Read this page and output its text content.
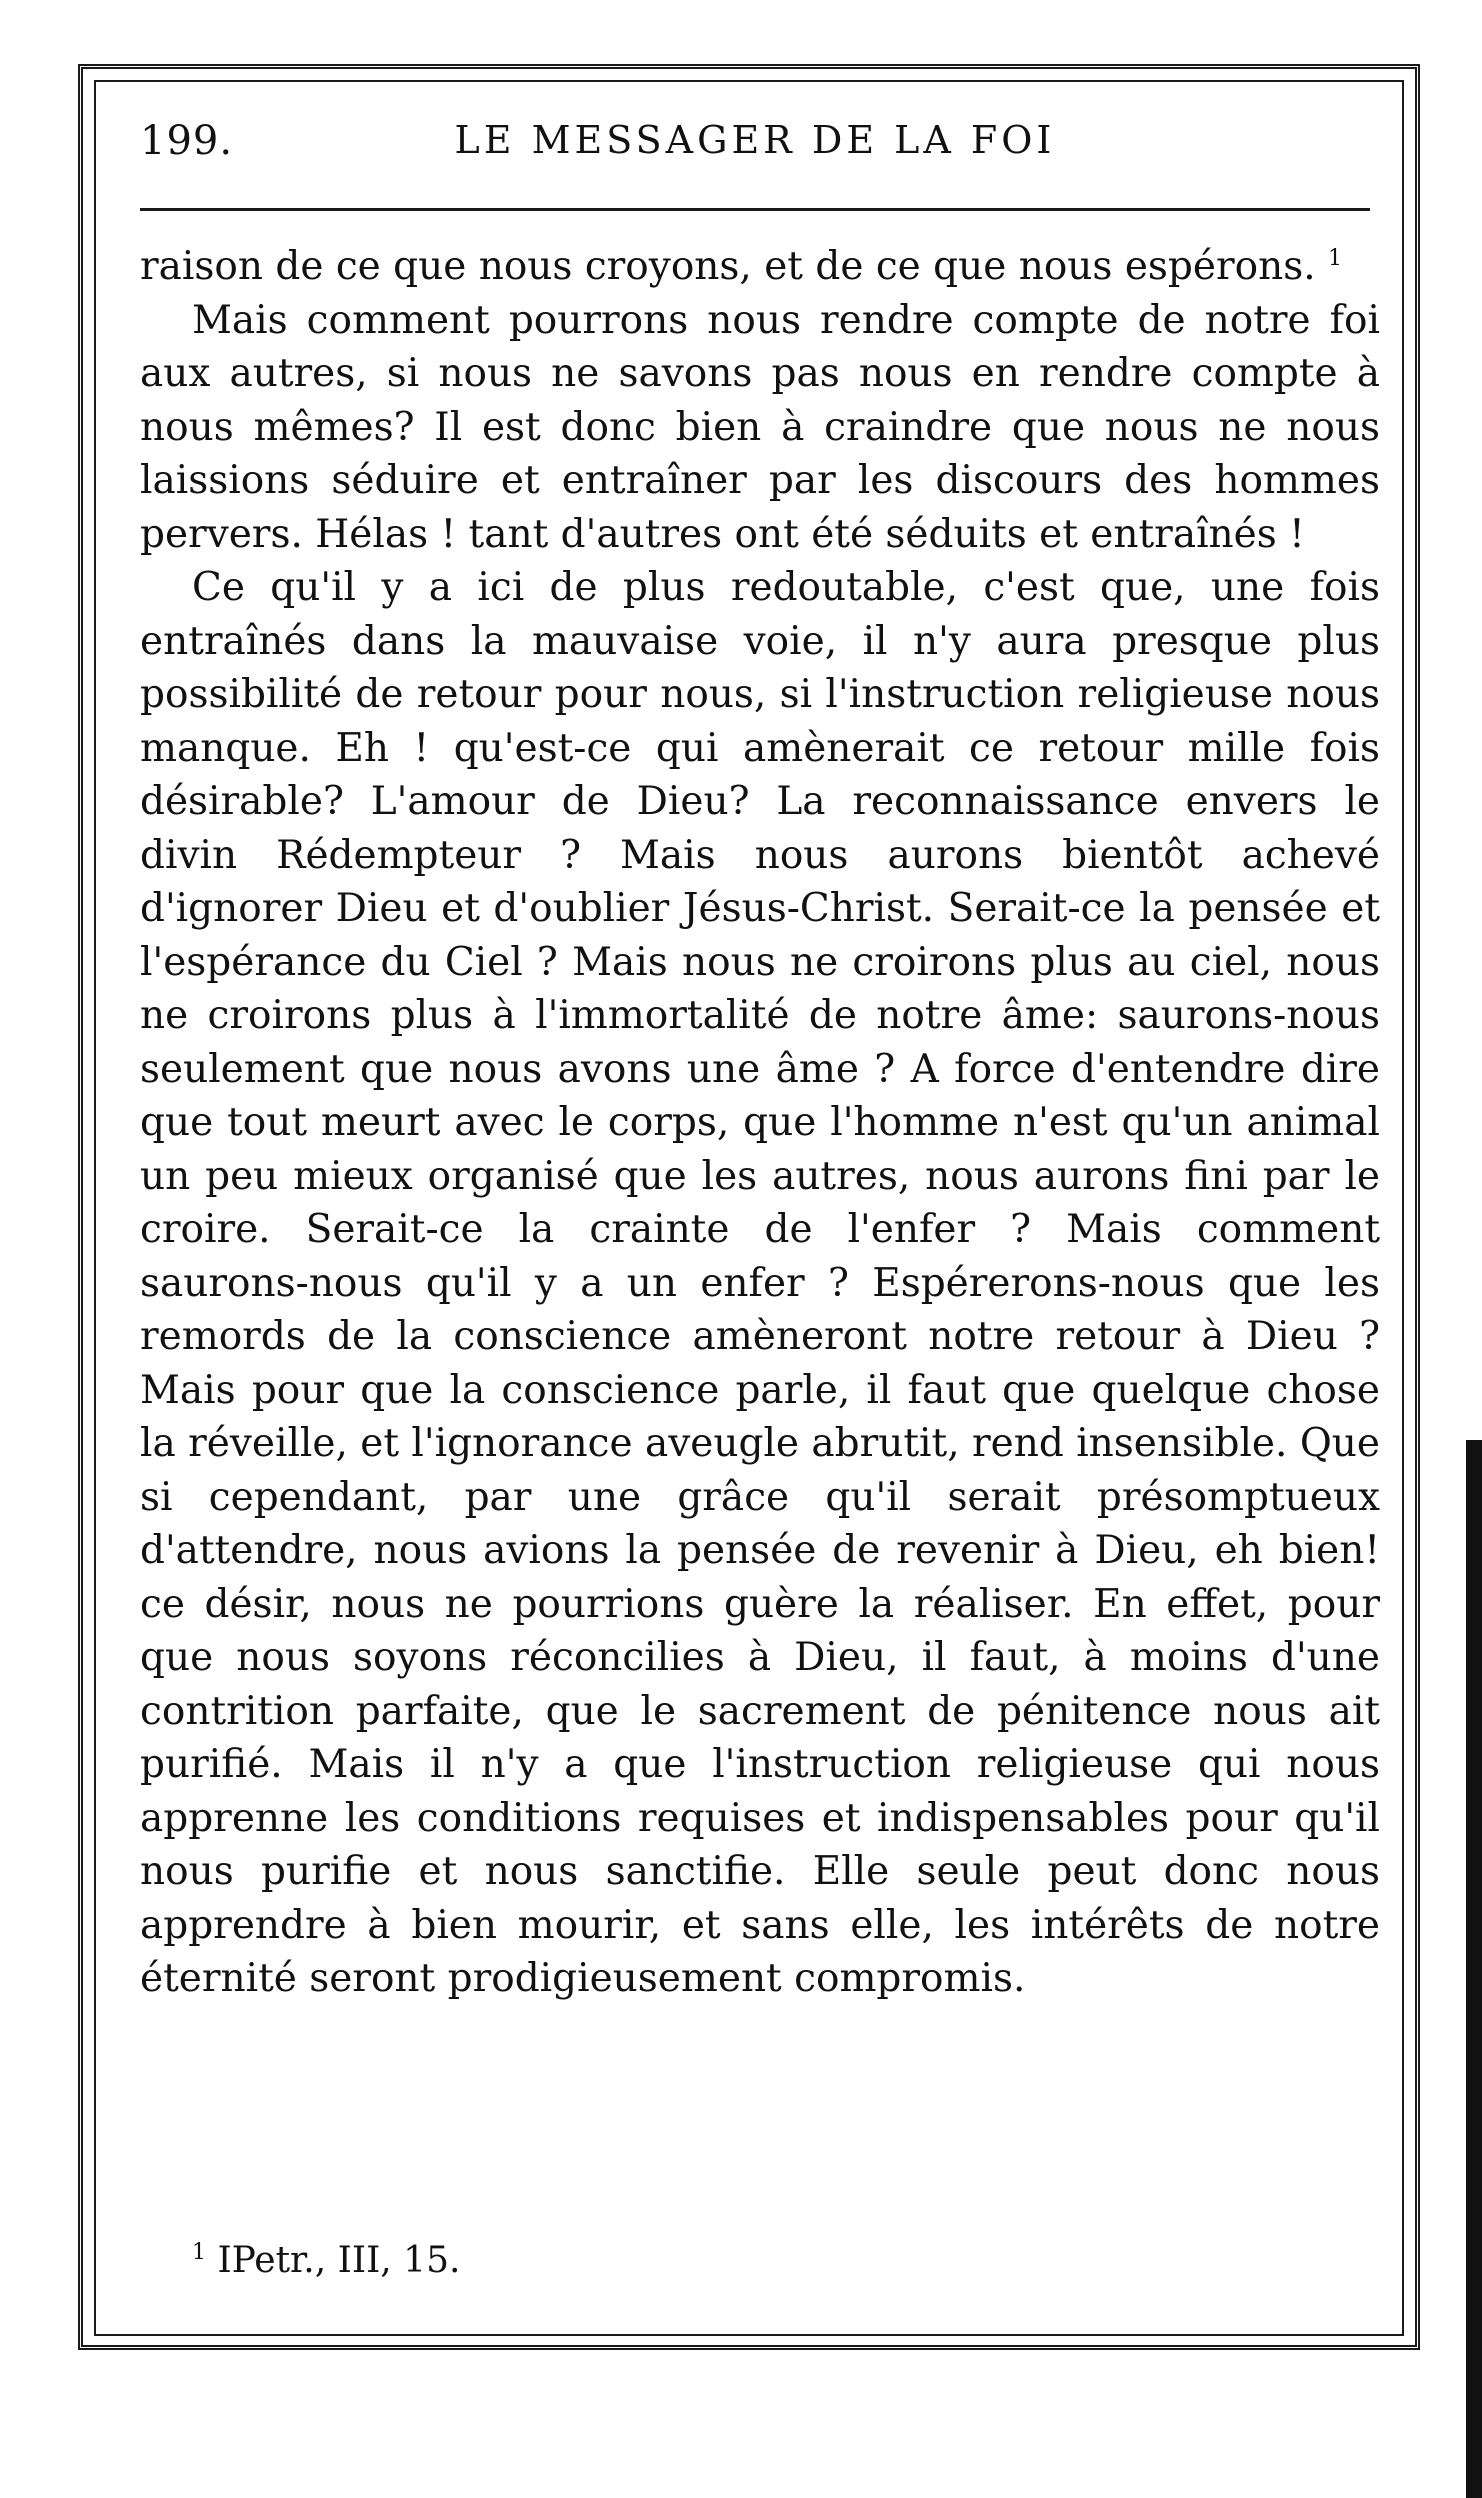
199.	LE MESSAGER DE LA FOI

raison de ce que nous croyons, et de ce que nous espérons. $^1$

Mais comment pourrons nous rendre compte de notre foi aux autres, si nous ne savons pas nous en rendre compte à nous mêmes? Il est donc bien à craindre que nous ne nous laissions séduire et entraîner par les discours des hommes pervers. Hélas ! tant d'autres ont été séduits et entraînés !

Ce qu'il y a ici de plus redoutable, c'est que, une fois entraînés dans la mauvaise voie, il n'y aura presque plus possibilité de retour pour nous, si l'instruction religieuse nous manque. Eh ! qu'est-ce qui amènerait ce retour mille fois désirable? L'amour de Dieu? La reconnaissance envers le divin Rédempteur ? Mais nous aurons bientôt achevé d'ignorer Dieu et d'oublier Jésus-Christ. Serait-ce la pensée et l'espérance du Ciel ? Mais nous ne croirons plus au ciel, nous ne croirons plus à l'immortalité de notre âme: saurons-nous seulement que nous avons une âme ? A force d'entendre dire que tout meurt avec le corps, que l'homme n'est qu'un animal un peu mieux organisé que les autres, nous aurons fini par le croire. Serait-ce la crainte de l'enfer ? Mais comment saurons-nous qu'il y a un enfer ? Espérerons-nous que les remords de la conscience amèneront notre retour à Dieu ? Mais pour que la conscience parle, il faut que quelque chose la réveille, et l'ignorance aveugle abrutit, rend insensible. Que si cependant, par une grâce qu'il serait présomptueux d'attendre, nous avions la pensée de revenir à Dieu, eh bien! ce désir, nous ne pourrions guère la réaliser. En effet, pour que nous soyons réconcilies à Dieu, il faut, à moins d'une contrition parfaite, que le sacrement de pénitence nous ait purifié. Mais il n'y a que l'instruction religieuse qui nous apprenne les conditions requises et indispensables pour qu'il nous purifie et nous sanctifie. Elle seule peut donc nous apprendre à bien mourir, et sans elle, les intérêts de notre éternité seront prodigieusement compromis.

$^1$ IPetr., III, 15.
